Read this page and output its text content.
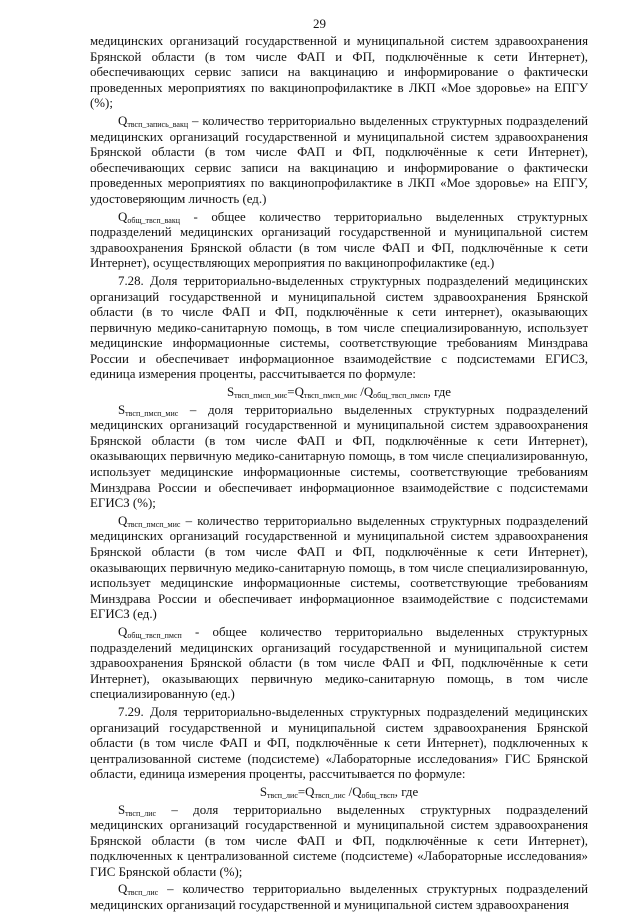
29

медицинских организаций государственной и муниципальной систем здравоохранения Брянской области (в том числе ФАП и ФП, подключённые к сети Интернет), обеспечивающих сервис записи на вакцинацию и информирование о фактически проведенных мероприятиях по вакцинопрофилактике в ЛКП «Мое здоровье» на ЕПГУ (%);

$Q_{твсп\_запись\_вакц}$ – количество территориально выделенных структурных подразделений медицинских организаций государственной и муниципальной систем здравоохранения Брянской области (в том числе ФАП и ФП, подключённые к сети Интернет), обеспечивающих сервис записи на вакцинацию и информирование о фактически проведенных мероприятиях по вакцинопрофилактике в ЛКП «Мое здоровье» на ЕПГУ, удостоверяющим личность (ед.)

$Q_{общ\_твсп\_вакц}$ - общее количество территориально выделенных структурных подразделений медицинских организаций государственной и муниципальной систем здравоохранения Брянской области (в том числе ФАП и ФП, подключённые к сети Интернет), осуществляющих мероприятия по вакцинопрофилактике (ед.)

7.28. Доля территориально-выделенных структурных подразделений медицинских организаций государственной и муниципальной систем здравоохранения Брянской области (в то числе ФАП и ФП, подключённые к сети интернет), оказывающих первичную медико-санитарную помощь, в том числе специализированную, использует медицинские информационные системы, соответствующие требованиям Минздрава России и обеспечивает информационное взаимодействие с подсистемами ЕГИСЗ, единица измерения проценты, рассчитывается по формуле:

$S_{твсп\_пмсп\_мис}=Q_{твсп\_пмсп\_мис}$ $/Q_{общ\_твсп\_пмсп}$, где

$S_{твсп\_пмсп\_мис}$ – доля территориально выделенных структурных подразделений медицинских организаций государственной и муниципальной систем здравоохранения Брянской области (в том числе ФАП и ФП, подключённые к сети Интернет), оказывающих первичную медико-санитарную помощь, в том числе специализированную, использует медицинские информационные системы, соответствующие требованиям Минздрава России и обеспечивает информационное взаимодействие с подсистемами ЕГИСЗ (%);

$Q_{твсп\_пмсп\_мис}$ – количество территориально выделенных структурных подразделений медицинских организаций государственной и муниципальной систем здравоохранения Брянской области (в том числе ФАП и ФП, подключённые к сети Интернет), оказывающих первичную медико-санитарную помощь, в том числе специализированную, использует медицинские информационные системы, соответствующие требованиям Минздрава России и обеспечивает информационное взаимодействие с подсистемами ЕГИСЗ (ед.)

$Q_{общ\_твсп\_пмсп}$ - общее количество территориально выделенных структурных подразделений медицинских организаций государственной и муниципальной систем здравоохранения Брянской области (в том числе ФАП и ФП, подключённые к сети Интернет), оказывающих первичную медико-санитарную помощь, в том числе специализированную (ед.)

7.29. Доля территориально-выделенных структурных подразделений медицинских организаций государственной и муниципальной систем здравоохранения Брянской области (в том числе ФАП и ФП, подключённые к сети Интернет), подключенных к централизованной системе (подсистеме) «Лабораторные исследования» ГИС Брянской области, единица измерения проценты, рассчитывается по формуле:

$S_{твсп\_лис}=Q_{твсп\_лис}$ $/Q_{общ\_твсп}$, где

$S_{твсп\_лис}$ – доля территориально выделенных структурных подразделений медицинских организаций государственной и муниципальной систем здравоохранения Брянской области (в том числе ФАП и ФП, подключённые к сети Интернет), подключенных к централизованной системе (подсистеме) «Лабораторные исследования» ГИС Брянской области (%);

$Q_{твсп\_лис}$ – количество территориально выделенных структурных подразделений медицинских организаций государственной и муниципальной систем здравоохранения
